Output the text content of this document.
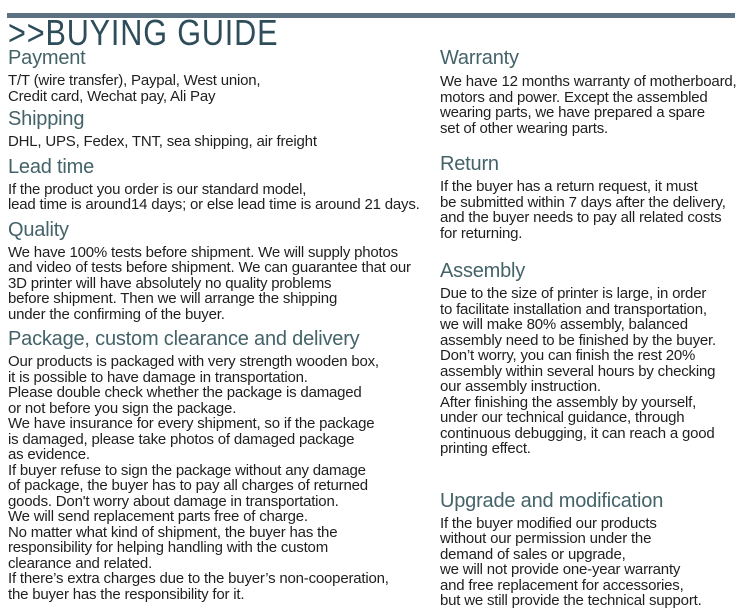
>>BUYING GUIDE
Payment
T/T (wire transfer), Paypal, West union,
Credit card, Wechat pay, Ali Pay
Shipping
DHL, UPS, Fedex, TNT, sea shipping, air freight
Lead time
If the product you order is our standard model,
lead time is around14 days; or else lead time is around 21 days.
Quality
We have 100% tests before shipment. We will supply photos
and video of tests before shipment. We can guarantee that our
3D printer will have absolutely no quality problems
before shipment. Then we will arrange the shipping
under the confirming of the buyer.
Package, custom clearance and delivery
Our products is packaged with very strength wooden box,
it is possible to have damage in transportation.
Please double check whether the package is damaged
or not before you sign the package.
We have insurance for every shipment, so if the package
is damaged, please take photos of damaged package
as evidence.
If buyer refuse to sign the package without any damage
of package, the buyer has to pay all charges of returned
goods. Don't worry about damage in transportation.
We will send replacement parts free of charge.
No matter what kind of shipment, the buyer has the
responsibility for helping handling with the custom
clearance and related.
If there’s extra charges due to the buyer’s non-cooperation,
the buyer has the responsibility for it.
Warranty
We have 12 months warranty of motherboard,
motors and power. Except the assembled
wearing parts, we have prepared a spare
set of other wearing parts.
Return
If the buyer has a return request, it must
be submitted within 7 days after the delivery,
and the buyer needs to pay all related costs
for returning.
Assembly
Due to the size of printer is large, in order
to facilitate installation and transportation,
we will make 80% assembly, balanced
assembly need to be finished by the buyer.
Don’t worry, you can finish the rest 20%
assembly within several hours by checking
our assembly instruction.
After finishing the assembly by yourself,
under our technical guidance, through
continuous debugging, it can reach a good
printing effect.
Upgrade and modification
If the buyer modified our products
without our permission under the
demand of sales or upgrade,
we will not provide one-year warranty
and free replacement for accessories,
but we still provide the technical support.
